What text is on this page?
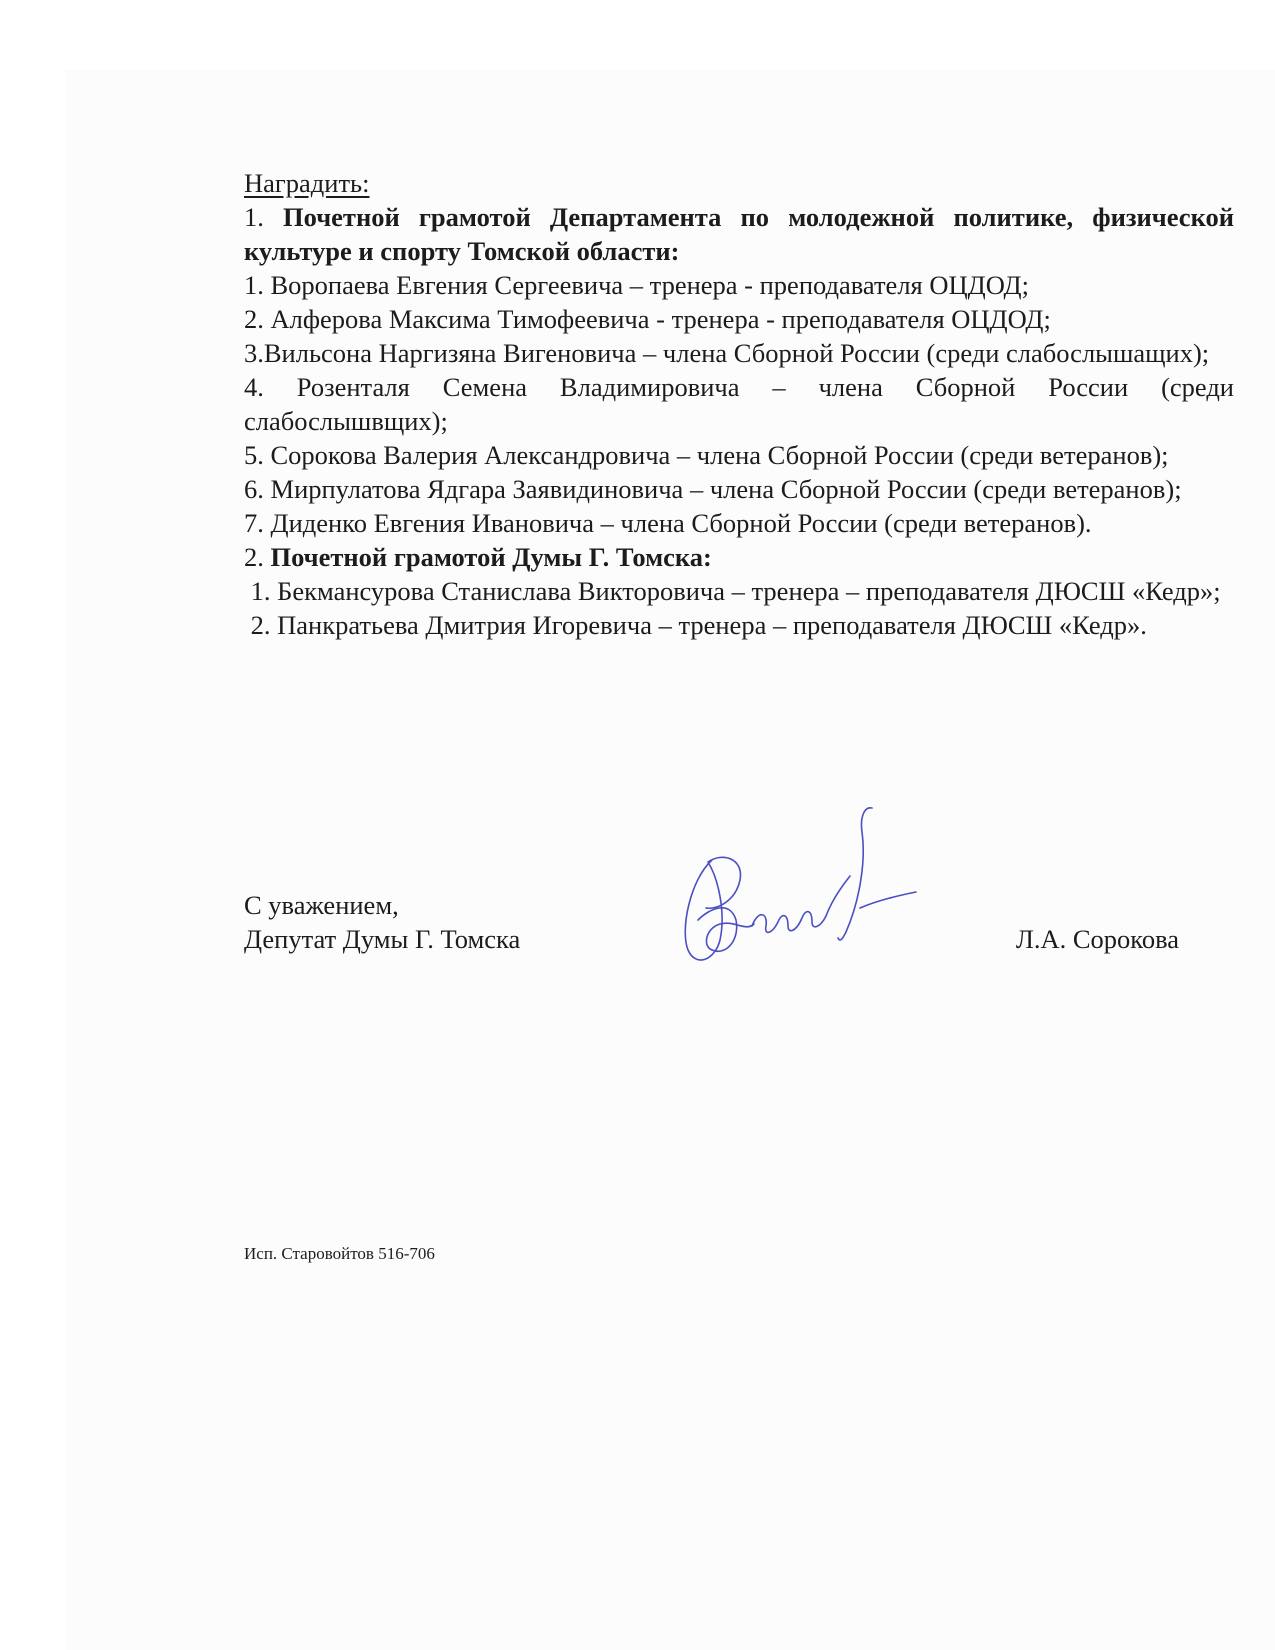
Наградить:

1. Почетной грамотой Департамента по молодежной политике, физической культуре и спорту Томской области:

1. Воропаева Евгения Сергеевича – тренера - преподавателя ОЦДОД;

2. Алферова Максима Тимофеевича - тренера - преподавателя ОЦДОД;

3.Вильсона Наргизяна Вигеновича – члена Сборной России (среди слабослышащих);

4. Розенталя Семена Владимировича – члена Сборной России (среди слабослышвщих);

5. Сорокова Валерия Александровича – члена Сборной России (среди ветеранов);

6. Мирпулатова Ядгара Заявидиновича – члена Сборной России (среди ветеранов);

7. Диденко Евгения Ивановича – члена Сборной России (среди ветеранов).

2. Почетной грамотой Думы Г. Томска:

1. Бекмансурова Станислава Викторовича – тренера – преподавателя ДЮСШ «Кедр»;

2. Панкратьева Дмитрия Игоревича – тренера – преподавателя ДЮСШ «Кедр».

С уважением,
Депутат Думы Г. Томска	Л.А. Сорокова
Исп. Старовойтов 516-706
